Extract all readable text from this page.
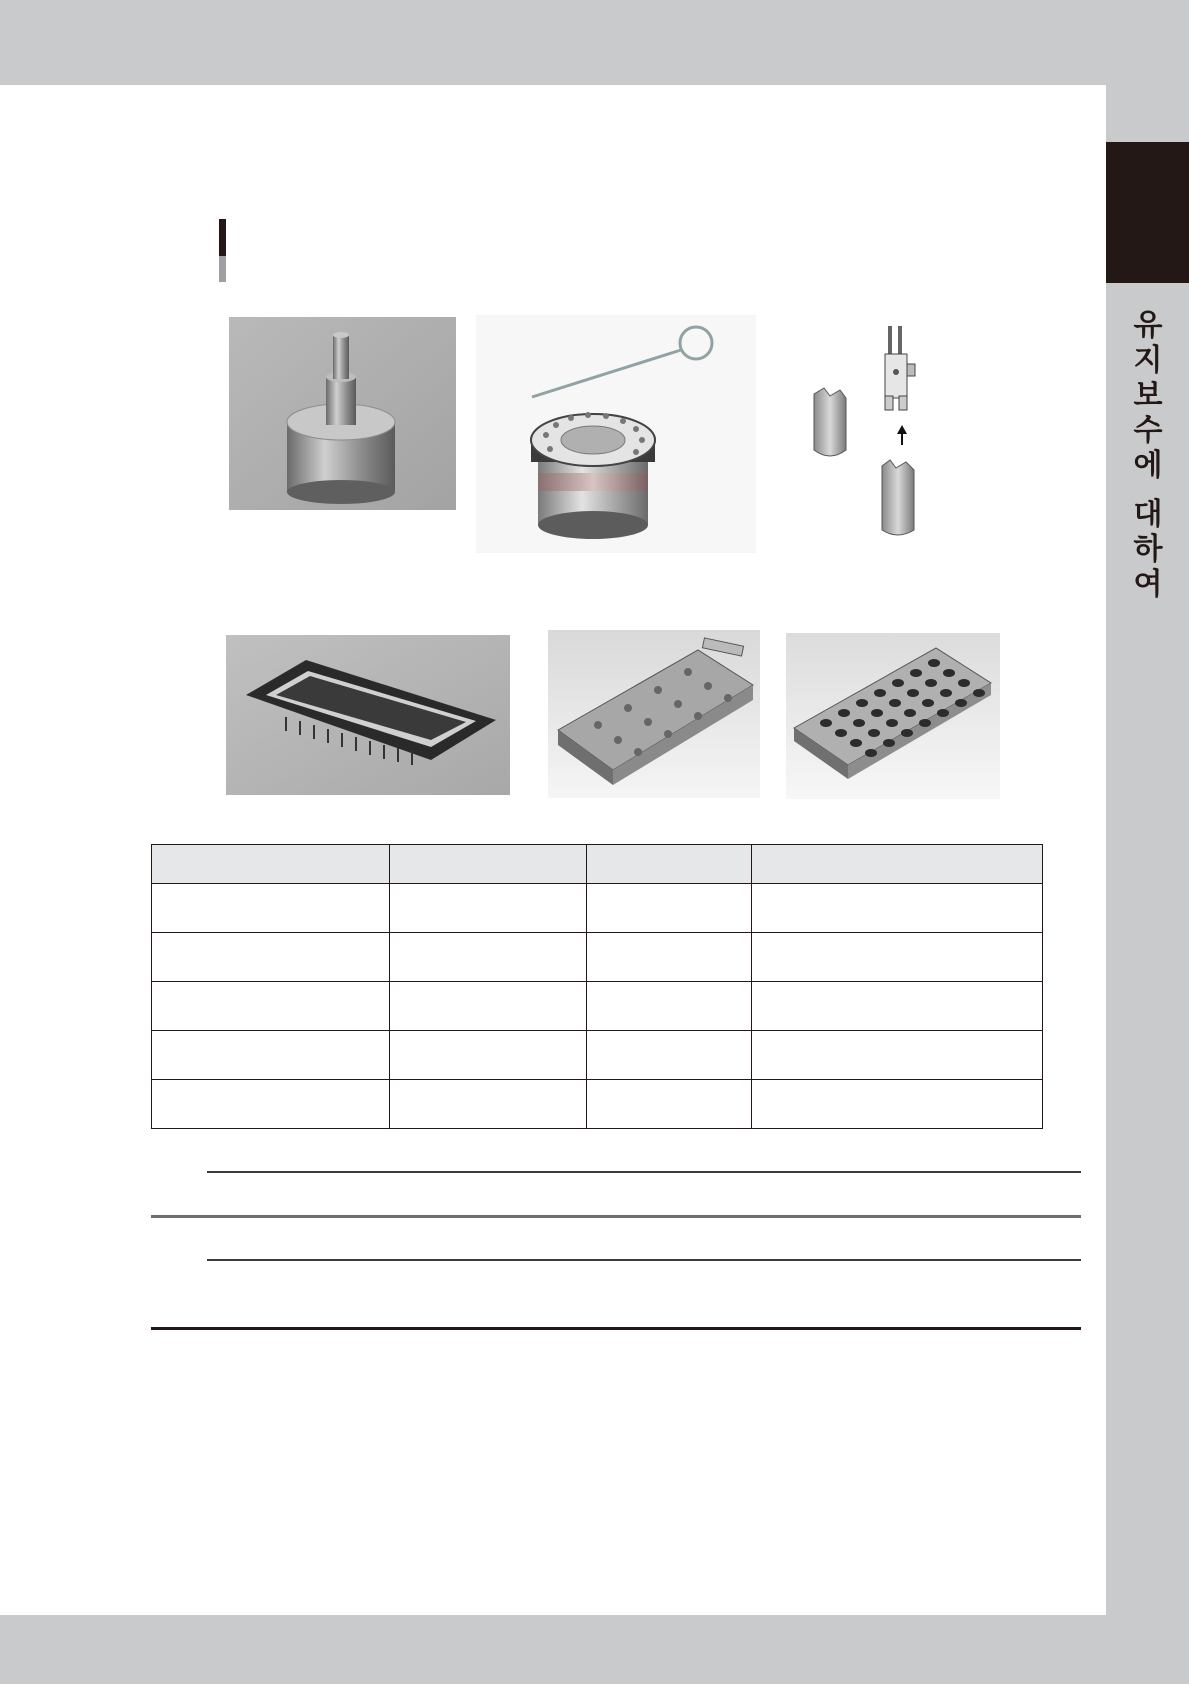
유
지
보
수
에
대
하
여
